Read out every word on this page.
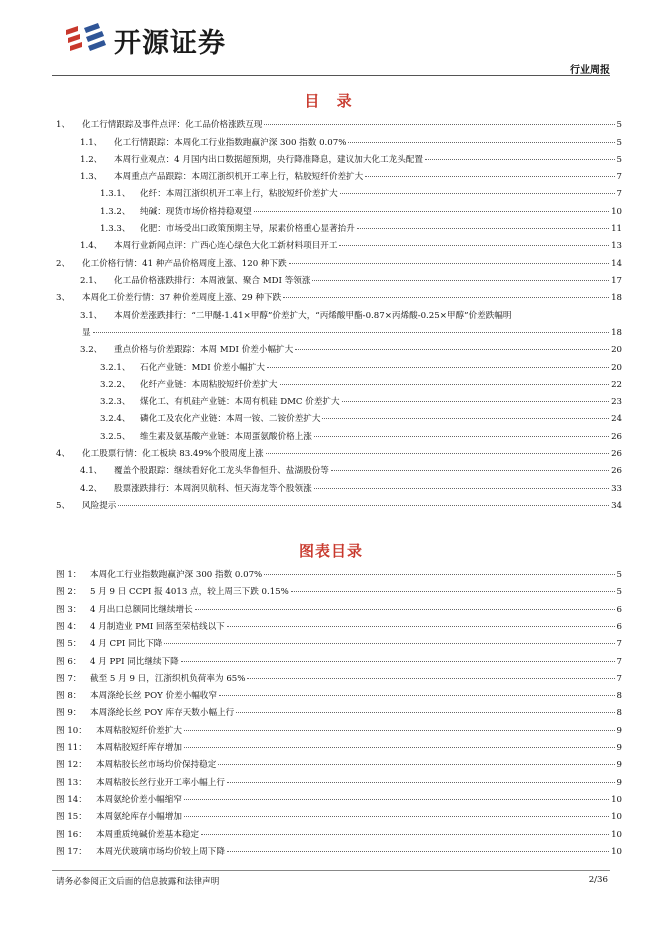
开源证券
行业周报
目 录
1、	化工行情跟踪及事件点评：化工品价格涨跌互现	5
1.1、	化工行情跟踪：本周化工行业指数跑赢沪深 300 指数 0.07%	5
1.2、	本周行业观点：4 月国内出口数据超预期，央行降准降息，建议加大化工龙头配置	5
1.3、	本周重点产品跟踪：本周江浙织机开工率上行，粘胶短纤价差扩大	7
1.3.1、	化纤：本周江浙织机开工率上行，粘胶短纤价差扩大	7
1.3.2、	纯碱：现货市场价格持稳观望	10
1.3.3、	化肥：市场受出口政策预期主导，尿素价格重心显著抬升	11
1.4、	本周行业新闻点评：广西心连心绿色大化工新材料项目开工	13
2、	化工价格行情：41 种产品价格周度上涨、120 种下跌	14
2.1、	化工品价格涨跌排行：本周液氯、聚合 MDI 等领涨	17
3、	本周化工价差行情：37 种价差周度上涨、29 种下跌	18
3.1、	本周价差涨跌排行：“二甲醚-1.41×甲醇”价差扩大，“丙烯酸甲酯-0.87×丙烯酸-0.25×甲醇”价差跌幅明
显	18
3.2、	重点价格与价差跟踪：本周 MDI 价差小幅扩大	20
3.2.1、	石化产业链：MDI 价差小幅扩大	20
3.2.2、	化纤产业链：本周粘胶短纤价差扩大	22
3.2.3、	煤化工、有机硅产业链：本周有机硅 DMC 价差扩大	23
3.2.4、	磷化工及农化产业链：本周一铵、二铵价差扩大	24
3.2.5、	维生素及氨基酸产业链：本周蛋氨酸价格上涨	26
4、	化工股票行情：化工板块 83.49%个股周度上涨	26
4.1、	覆盖个股跟踪：继续看好化工龙头华鲁恒升、盐湖股份等	26
4.2、	股票涨跌排行：本周润贝航科、恒天海龙等个股领涨	33
5、	风险提示	34
图表目录
图 1：	本周化工行业指数跑赢沪深 300 指数 0.07%	5
图 2：	5 月 9 日 CCPI 报 4013 点，较上周三下跌 0.15%	5
图 3：	4 月出口总额同比继续增长	6
图 4：	4 月制造业 PMI 回落至荣枯线以下	6
图 5：	4 月 CPI 同比下降	7
图 6：	4 月 PPI 同比继续下降	7
图 7：	截至 5 月 9 日，江浙织机负荷率为 65%	7
图 8：	本周涤纶长丝 POY 价差小幅收窄	8
图 9：	本周涤纶长丝 POY 库存天数小幅上行	8
图 10：	本周粘胶短纤价差扩大	9
图 11：	本周粘胶短纤库存增加	9
图 12：	本周粘胶长丝市场均价保持稳定	9
图 13：	本周粘胶长丝行业开工率小幅上行	9
图 14：	本周氨纶价差小幅缩窄	10
图 15：	本周氨纶库存小幅增加	10
图 16：	本周重质纯碱价差基本稳定	10
图 17：	本周光伏玻璃市场均价较上周下降	10
请务必参阅正文后面的信息披露和法律声明	2/36
